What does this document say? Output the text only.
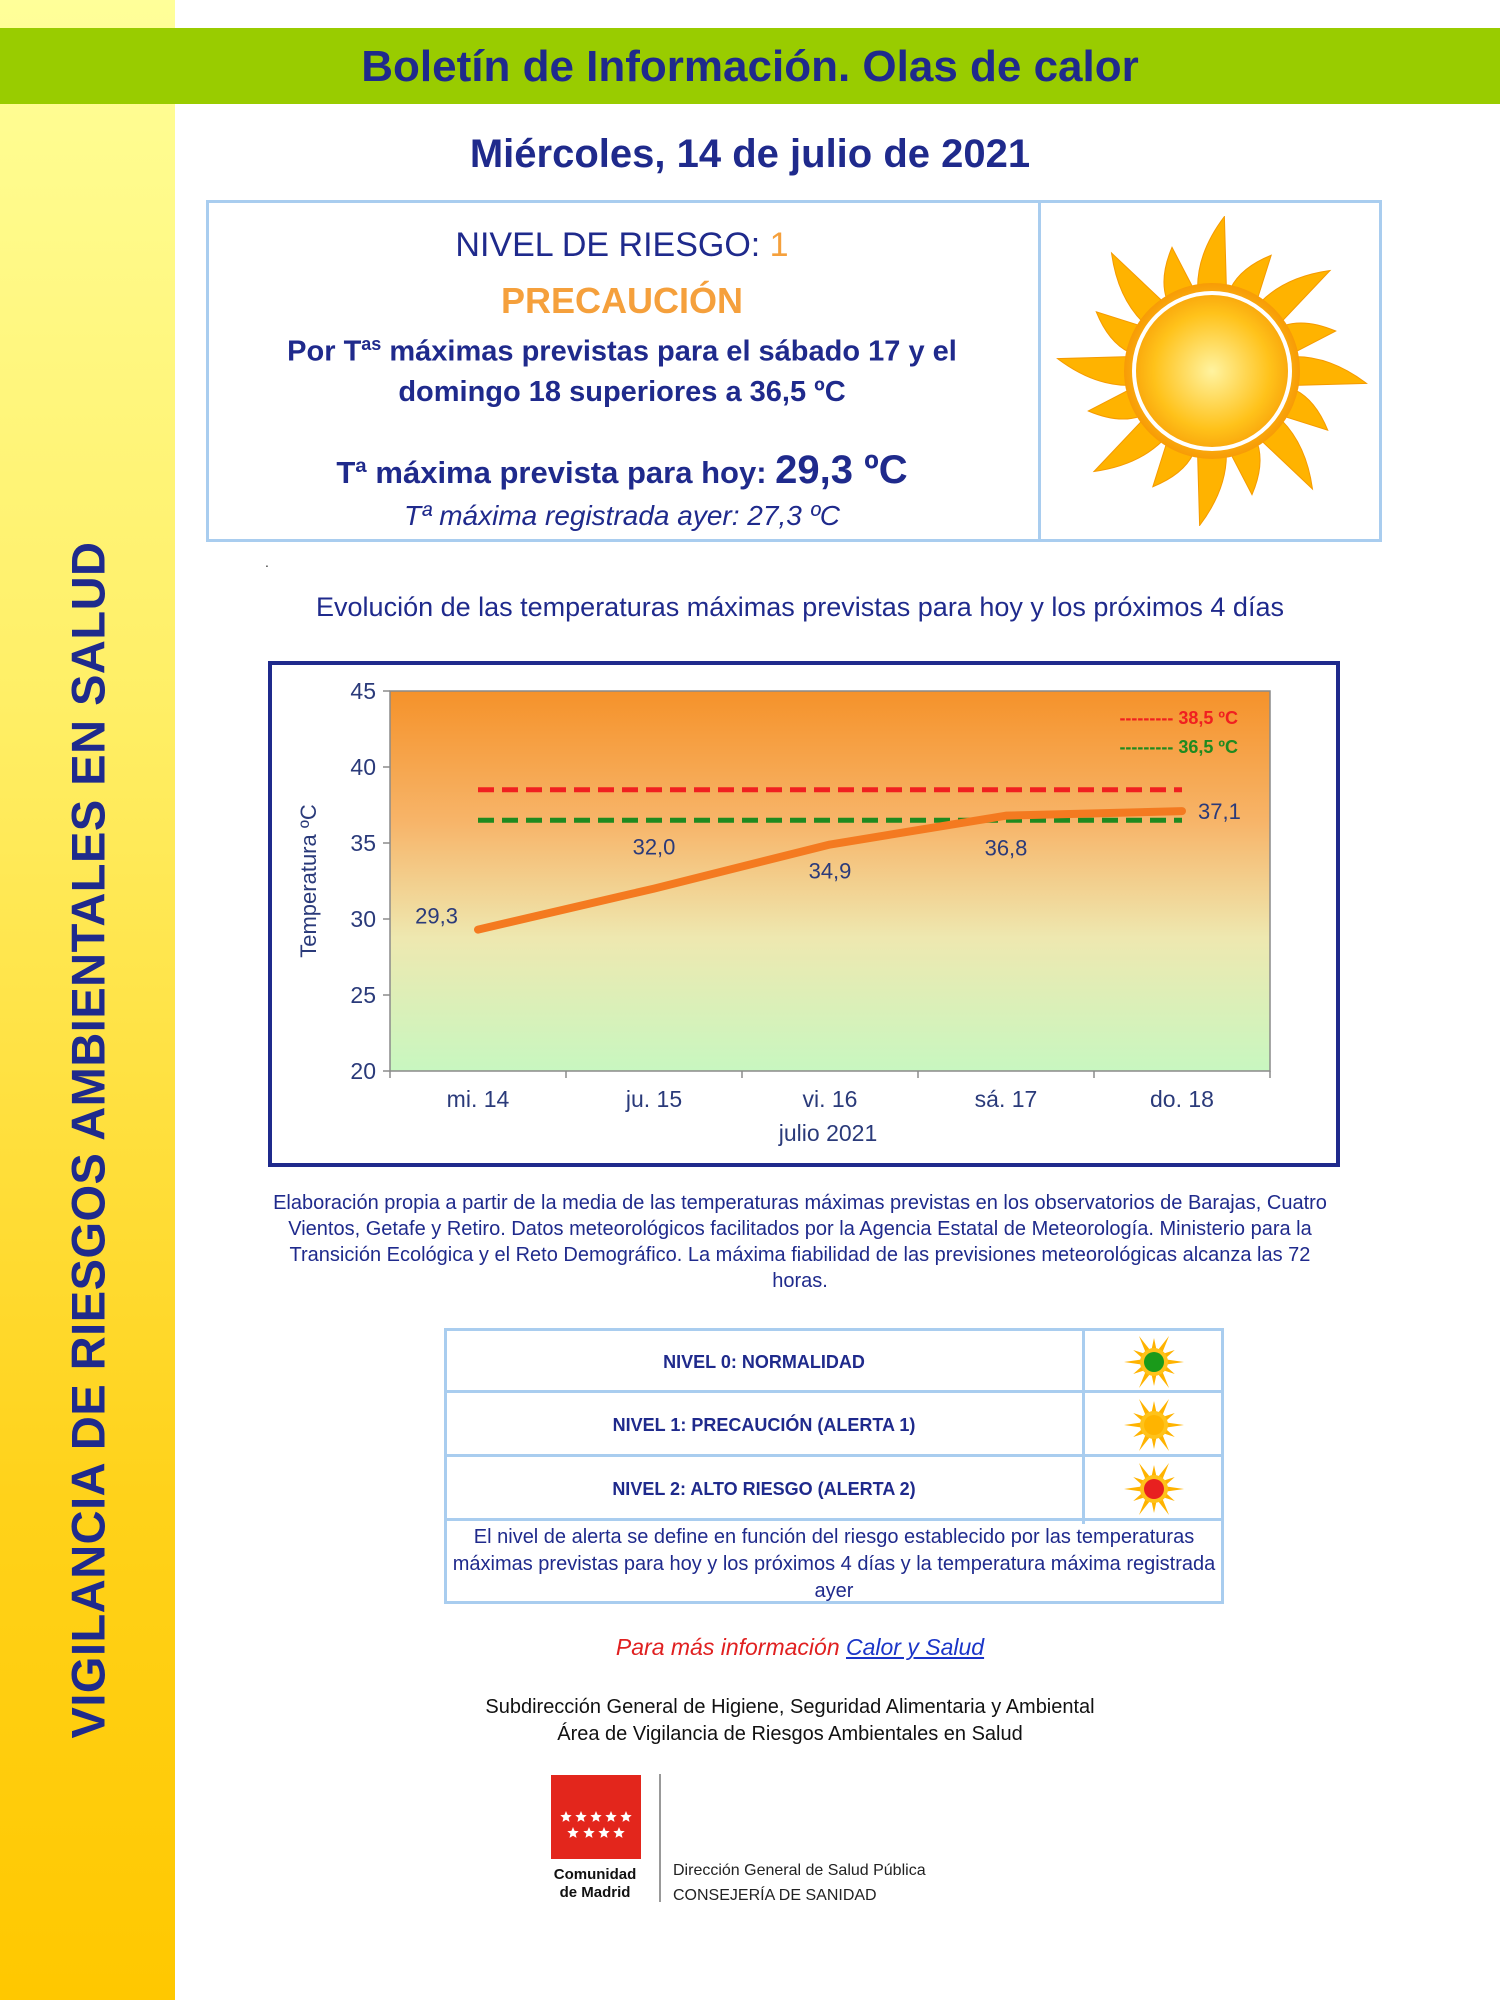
VIGILANCIA DE RIESGOS AMBIENTALES EN SALUD
Boletín de Información. Olas de calor
Miércoles, 14 de julio de 2021
NIVEL DE RIESGO: 1
PRECAUCIÓN
Por $T^{as}$ máximas previstas para el sábado 17 y el
domingo 18 superiores a 36,5 ºC
Tª máxima prevista para hoy: 29,3 ºC
Tª máxima registrada ayer: 27,3 ºC
.
Evolución de las temperaturas máximas previstas para hoy y los próximos 4 días
20
25
30
35
40
45
mi. 14	ju. 15	vi. 16	sá. 17	do. 18
29,3
32,0
34,9
36,8
37,1
Temperatura ºC
julio 2021
--------- 38,5 ºC
--------- 36,5 ºC
Elaboración propia a partir de la media de las temperaturas máximas previstas en los observatorios de Barajas, Cuatro Vientos, Getafe y Retiro. Datos meteorológicos facilitados por la Agencia Estatal de Meteorología. Ministerio para la Transición Ecológica y el Reto Demográfico. La máxima fiabilidad de las previsiones meteorológicas alcanza las 72 horas.
NIVEL 0: NORMALIDAD
NIVEL 1: PRECAUCIÓN (ALERTA 1)
NIVEL 2: ALTO RIESGO (ALERTA 2)
El nivel de alerta se define en función del riesgo establecido por las temperaturas máximas previstas para hoy y los próximos 4 días y la temperatura máxima registrada ayer
Para más información Calor y Salud
Subdirección General de Higiene, Seguridad Alimentaria y Ambiental
Área de Vigilancia de Riesgos Ambientales en Salud
Comunidad
de Madrid
Dirección General de Salud Pública
CONSEJERÍA DE SANIDAD
